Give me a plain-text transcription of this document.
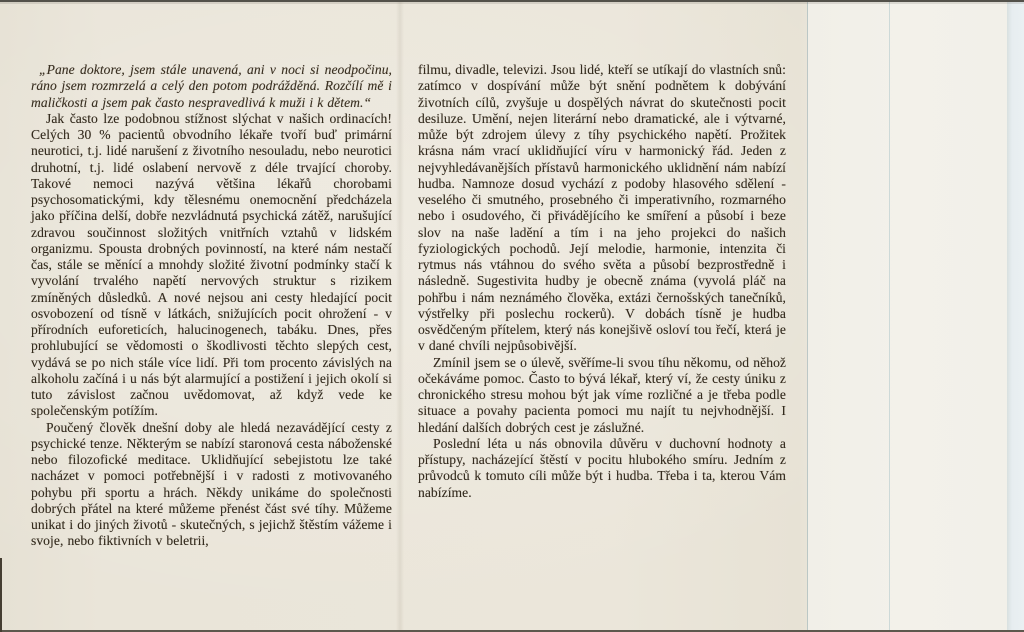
„Pane doktore, jsem stále unavená, ani v noci si neodpočinu, ráno jsem rozmrzelá a celý den potom podrážděná. Rozčílí mě i maličkosti a jsem pak často nespravedlivá k muži i k dětem.“

Jak často lze podobnou stížnost slýchat v našich ordinacích! Celých 30 % pacientů obvodního lékaře tvoří buď primární neurotici, t.j. lidé narušení z životního nesouladu, nebo neurotici druhotní, t.j. lidé oslabení nervově z déle trvající choroby. Takové nemoci nazývá většina lékařů chorobami psychosomatickými, kdy tělesnému onemocnění předcházela jako příčina delší, dobře nezvládnutá psychická zátěž, narušující zdravou součinnost složitých vnitřních vztahů v lidském organizmu. Spousta drobných povinností, na které nám nestačí čas, stále se měnící a mnohdy složité životní podmínky stačí k vyvolání trvalého napětí nervových struktur s rizikem zmíněných důsledků. A nové nejsou ani cesty hledající pocit osvobození od tísně v látkách, snižujících pocit ohrožení - v přírodních euforeticích, halucinogenech, tabáku. Dnes, přes prohlubující se vědomosti o škodlivosti těchto slepých cest, vydává se po nich stále více lidí. Při tom procento závislých na alkoholu začíná i u nás být alarmující a postižení i jejich okolí si tuto závislost začnou uvědomovat, až když vede ke společenským potížím.

Poučený člověk dnešní doby ale hledá nezavádějící cesty z psychické tenze. Některým se nabízí staronová cesta náboženské nebo filozofické meditace. Uklidňující sebejistotu lze také nacházet v pomoci potřebnější i v radosti z motivovaného pohybu při sportu a hrách. Někdy unikáme do společnosti dobrých přátel na které můžeme přenést část své tíhy. Můžeme unikat i do jiných životů - skutečných, s jejichž štěstím vážeme i svoje, nebo fiktivních v beletrii,

filmu, divadle, televizi. Jsou lidé, kteří se utíkají do vlastních snů: zatímco v dospívání může být snění podnětem k dobývání životních cílů, zvyšuje u dospělých návrat do skutečnosti pocit desiluze. Umění, nejen literární nebo dramatické, ale i výtvarné, může být zdrojem úlevy z tíhy psychického napětí. Prožitek krásna nám vrací uklidňující víru v harmonický řád. Jeden z nejvyhledávanějších přístavů harmonického uklidnění nám nabízí hudba. Namnoze dosud vychází z podoby hlasového sdělení - veselého či smutného, prosebného či imperativního, rozmarného nebo i osudového, či přivádějícího ke smíření a působí i beze slov na naše ladění a tím i na jeho projekci do našich fyziologických pochodů. Její melodie, harmonie, intenzita či rytmus nás vtáhnou do svého světa a působí bezprostředně i následně. Sugestivita hudby je obecně známa (vyvolá pláč na pohřbu i nám neznámého člověka, extázi černošských tanečníků, výstřelky při poslechu rockerů). V dobách tísně je hudba osvědčeným přítelem, který nás konejšivě osloví tou řečí, která je v dané chvíli nejpůsobivější.

Zmínil jsem se o úlevě, svěříme-li svou tíhu někomu, od něhož očekáváme pomoc. Často to bývá lékař, který ví, že cesty úniku z chronického stresu mohou být jak víme rozličné a je třeba podle situace a povahy pacienta pomoci mu najít tu nejvhodnější. I hledání dalších dobrých cest je záslužné.

Poslední léta u nás obnovila důvěru v duchovní hodnoty a přístupy, nacházející štěstí v pocitu hlubokého smíru. Jedním z průvodců k tomuto cíli může být i hudba. Třeba i ta, kterou Vám nabízíme.
